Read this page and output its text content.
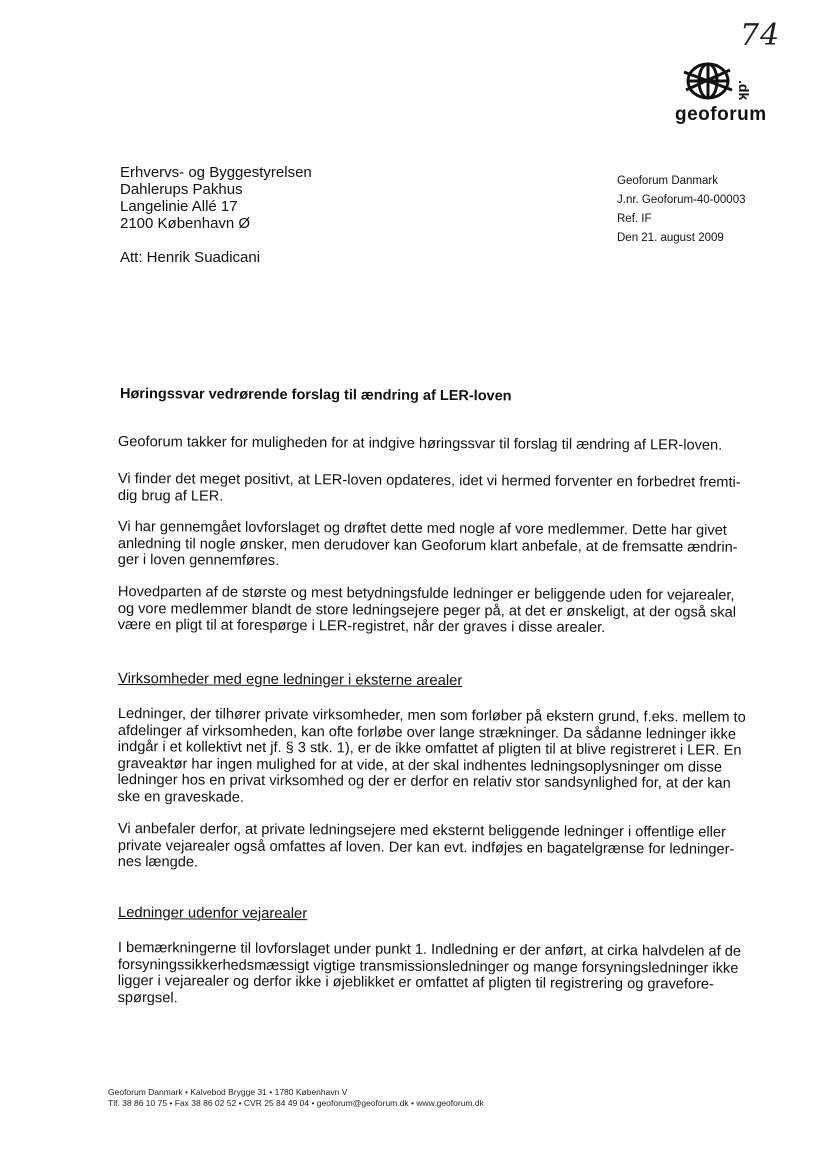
74
.dk
geoforum
Erhvervs- og Byggestyrelsen
Dahlerups Pakhus
Langelinie Allé 17
2100 København Ø
Att: Henrik Suadicani
Geoforum Danmark
J.nr. Geoforum-40-00003
Ref. IF
Den 21. august 2009
Høringssvar vedrørende forslag til ændring af LER-loven
Geoforum takker for muligheden for at indgive høringssvar til forslag til ændring af LER-loven.
Vi finder det meget positivt, at LER-loven opdateres, idet vi hermed forventer en forbedret fremti-
dig brug af LER.
Vi har gennemgået lovforslaget og drøftet dette med nogle af vore medlemmer. Dette har givet
anledning til nogle ønsker, men derudover kan Geoforum klart anbefale, at de fremsatte ændrin-
ger i loven gennemføres.
Hovedparten af de største og mest betydningsfulde ledninger er beliggende uden for vejarealer,
og vore medlemmer blandt de store ledningsejere peger på, at det er ønskeligt, at der også skal
være en pligt til at forespørge i LER-registret, når der graves i disse arealer.
Virksomheder med egne ledninger i eksterne arealer
Ledninger, der tilhører private virksomheder, men som forløber på ekstern grund, f.eks. mellem to
afdelinger af virksomheden, kan ofte forløbe over lange strækninger. Da sådanne ledninger ikke
indgår i et kollektivt net jf. § 3 stk. 1), er de ikke omfattet af pligten til at blive registreret i LER. En
graveaktør har ingen mulighed for at vide, at der skal indhentes ledningsoplysninger om disse
ledninger hos en privat virksomhed og der er derfor en relativ stor sandsynlighed for, at der kan
ske en graveskade.
Vi anbefaler derfor, at private ledningsejere med eksternt beliggende ledninger i offentlige eller
private vejarealer også omfattes af loven. Der kan evt. indføjes en bagatelgrænse for ledninger-
nes længde.
Ledninger udenfor vejarealer
I bemærkningerne til lovforslaget under punkt 1. Indledning er der anført, at cirka halvdelen af de
forsyningssikkerhedsmæssigt vigtige transmissionsledninger og mange forsyningsledninger ikke
ligger i vejarealer og derfor ikke i øjeblikket er omfattet af pligten til registrering og gravefore-
spørgsel.
Geoforum Danmark • Kalvebod Brygge 31 • 1780 København V
Tlf. 38 86 10 75 • Fax 38 86 02 52 • CVR 25 84 49 04 • geoforum@geoforum.dk • www.geoforum.dk
